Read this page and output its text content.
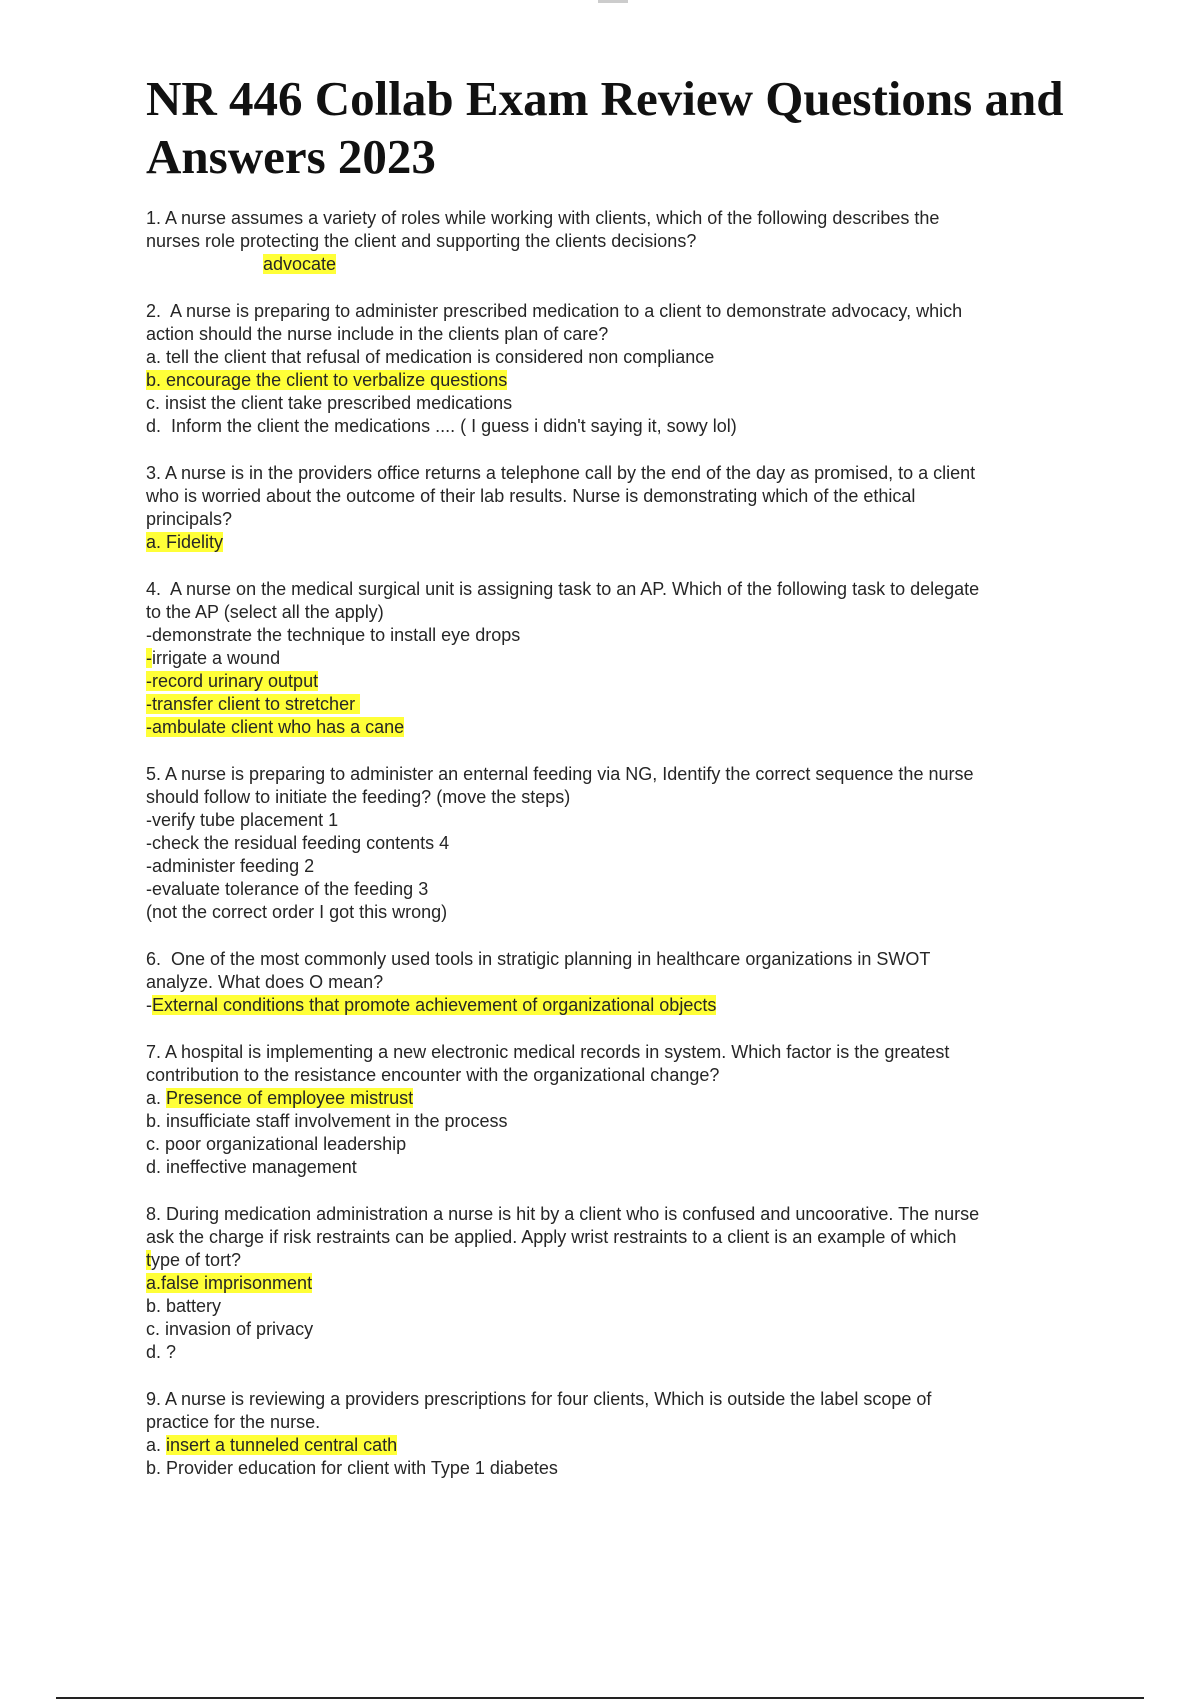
NR 446 Collab Exam Review Questions and Answers 2023
1. A nurse assumes a variety of roles while working with clients, which of the following describes the
nurses role protecting the client and supporting the clients decisions?
advocate
2.  A nurse is preparing to administer prescribed medication to a client to demonstrate advocacy, which
action should the nurse include in the clients plan of care?
a. tell the client that refusal of medication is considered non compliance
b. encourage the client to verbalize questions
c. insist the client take prescribed medications
d.  Inform the client the medications .... ( I guess i didn't saying it, sowy lol)
3. A nurse is in the providers office returns a telephone call by the end of the day as promised, to a client
who is worried about the outcome of their lab results. Nurse is demonstrating which of the ethical
principals?
a. Fidelity
4.  A nurse on the medical surgical unit is assigning task to an AP. Which of the following task to delegate
to the AP (select all the apply)
-demonstrate the technique to install eye drops
-irrigate a wound
-record urinary output
-transfer client to stretcher
-ambulate client who has a cane
5. A nurse is preparing to administer an enternal feeding via NG, Identify the correct sequence the nurse
should follow to initiate the feeding? (move the steps)
-verify tube placement 1
-check the residual feeding contents 4
-administer feeding 2
-evaluate tolerance of the feeding 3
(not the correct order I got this wrong)
6.  One of the most commonly used tools in stratigic planning in healthcare organizations in SWOT
analyze. What does O mean?
-External conditions that promote achievement of organizational objects
7. A hospital is implementing a new electronic medical records in system. Which factor is the greatest
contribution to the resistance encounter with the organizational change?
a. Presence of employee mistrust
b. insufficiate staff involvement in the process
c. poor organizational leadership
d. ineffective management
8. During medication administration a nurse is hit by a client who is confused and uncoorative. The nurse
ask the charge if risk restraints can be applied. Apply wrist restraints to a client is an example of which
type of tort?
a.false imprisonment
b. battery
c. invasion of privacy
d. ?
9. A nurse is reviewing a providers prescriptions for four clients, Which is outside the label scope of
practice for the nurse.
a. insert a tunneled central cath
b. Provider education for client with Type 1 diabetes
